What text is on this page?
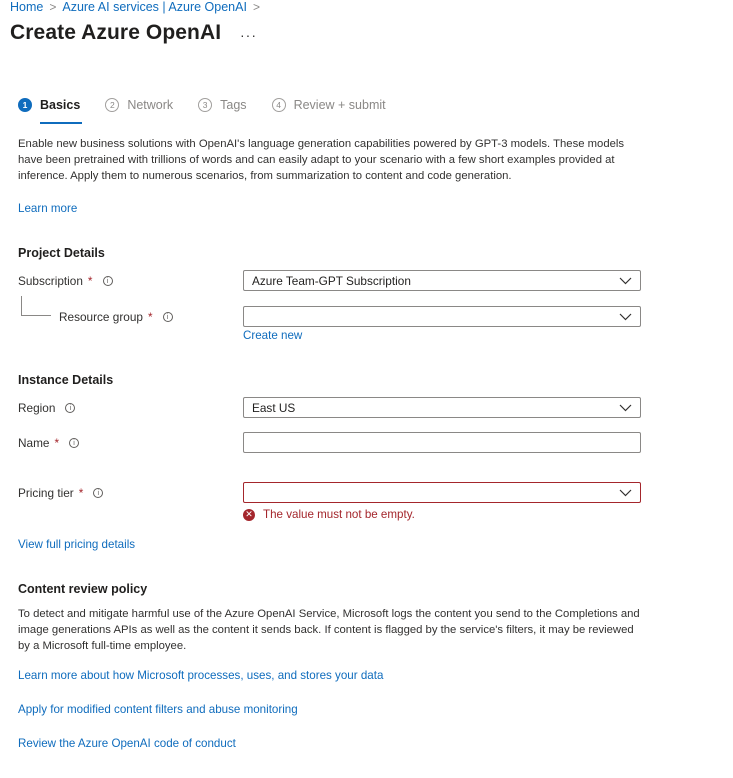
Home > Azure AI services | Azure OpenAI >
Create Azure OpenAI ···
1	Basics	2	Network	3	Tags	4	Review + submit
Enable new business solutions with OpenAI's language generation capabilities powered by GPT-3 models. These models have been pretrained with trillions of words and can easily adapt to your scenario with a few short examples provided at inference. Apply them to numerous scenarios, from summarization to content and code generation.
Learn more
Project Details
Subscription *	i	Azure Team-GPT Subscription
Resource group *	i
Create new
Instance Details
Region	i	East US
Name *	i
Pricing tier *	i
✕ The value must not be empty.
View full pricing details
Content review policy
To detect and mitigate harmful use of the Azure OpenAI Service, Microsoft logs the content you send to the Completions and image generations APIs as well as the content it sends back. If content is flagged by the service's filters, it may be reviewed by a Microsoft full-time employee.
Learn more about how Microsoft processes, uses, and stores your data
Apply for modified content filters and abuse monitoring
Review the Azure OpenAI code of conduct
